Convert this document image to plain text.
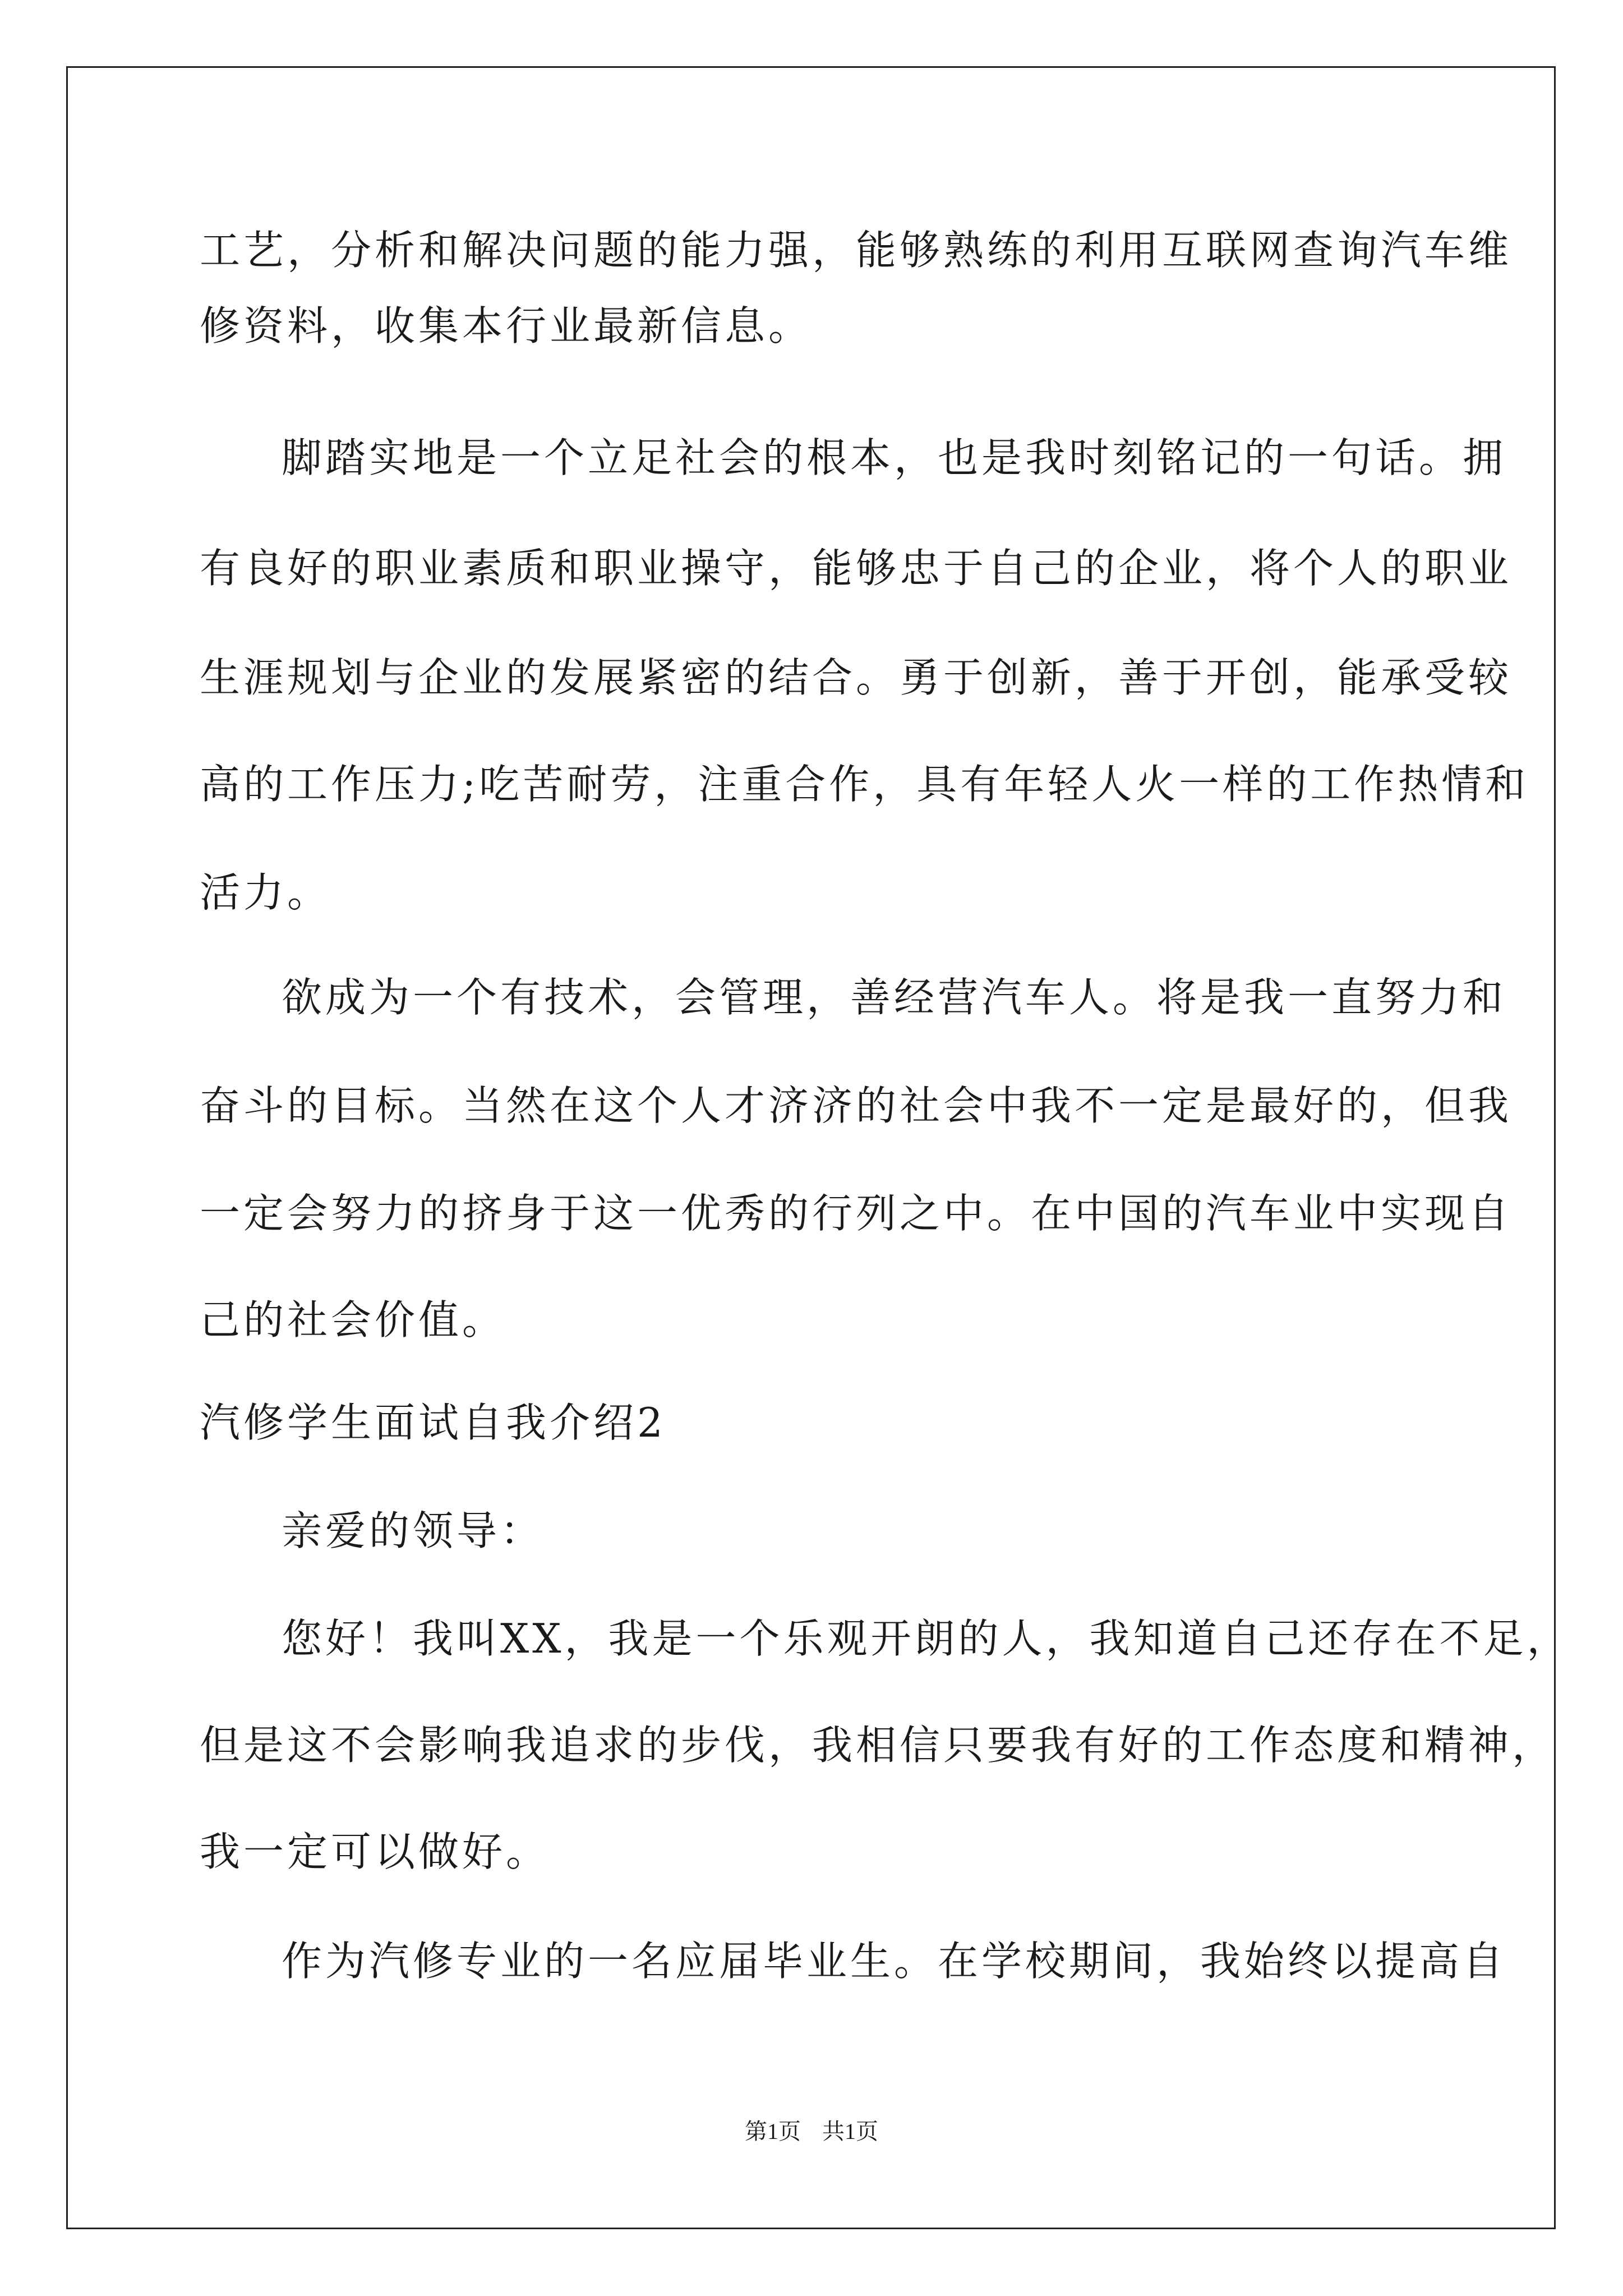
工艺，分析和解决问题的能力强，能够熟练的利用互联网查询汽车维
修资料，收集本行业最新信息。
脚踏实地是一个立足社会的根本，也是我时刻铭记的一句话。拥
有良好的职业素质和职业操守，能够忠于自己的企业，将个人的职业
生涯规划与企业的发展紧密的结合。勇于创新，善于开创，能承受较
高的工作压力;吃苦耐劳，注重合作，具有年轻人火一样的工作热情和
活力。
欲成为一个有技术，会管理，善经营汽车人。将是我一直努力和
奋斗的目标。当然在这个人才济济的社会中我不一定是最好的，但我
一定会努力的挤身于这一优秀的行列之中。在中国的汽车业中实现自
己的社会价值。
汽修学生面试自我介绍2
亲爱的领导：
您好！我叫XX，我是一个乐观开朗的人，我知道自己还存在不足，
但是这不会影响我追求的步伐，我相信只要我有好的工作态度和精神，
我一定可以做好。
作为汽修专业的一名应届毕业生。在学校期间，我始终以提高自
第1页 共1页
